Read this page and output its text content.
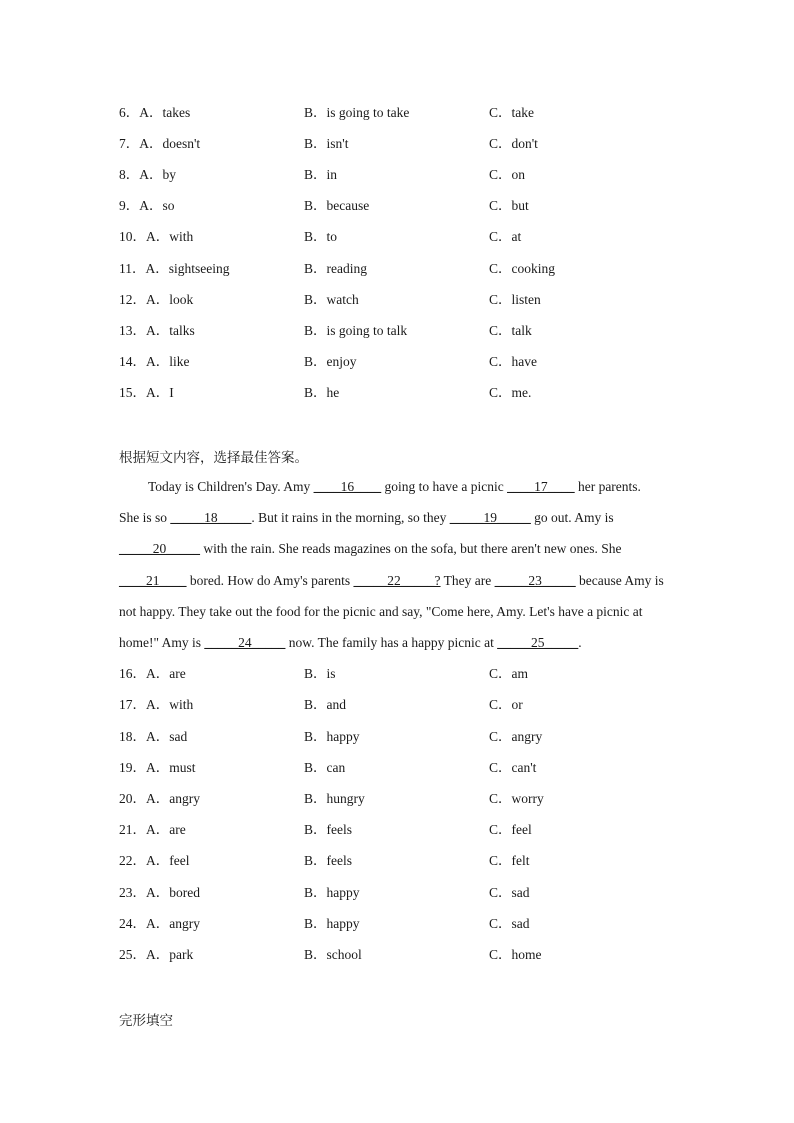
6．A．takes	B．is going to take	C．take
7．A．doesn't	B．isn't	C．don't
8．A．by	B．in	C．on
9．A．so	B．because	C．but
10．A．with	B．to	C．at
11．A．sightseeing	B．reading	C．cooking
12．A．look	B．watch	C．listen
13．A．talks	B．is going to talk	C．talk
14．A．like	B．enjoy	C．have
15．A．I	B．he	C．me.
根据短文内容，选择最佳答案。
Today is Children's Day. Amy ____16____ going to have a picnic ____17____ her parents.
She is so _____18_____. But it rains in the morning, so they _____19_____ go out. Amy is
_____20_____ with the rain. She reads magazines on the sofa, but there aren't new ones. She
____21____ bored. How do Amy's parents _____22_____? They are _____23_____ because Amy is
not happy. They take out the food for the picnic and say, "Come here, Amy. Let's have a picnic at
home!" Amy is _____24_____ now. The family has a happy picnic at _____25_____.
16．A．are	B．is	C．am
17．A．with	B．and	C．or
18．A．sad	B．happy	C．angry
19．A．must	B．can	C．can't
20．A．angry	B．hungry	C．worry
21．A．are	B．feels	C．feel
22．A．feel	B．feels	C．felt
23．A．bored	B．happy	C．sad
24．A．angry	B．happy	C．sad
25．A．park	B．school	C．home
完形填空
